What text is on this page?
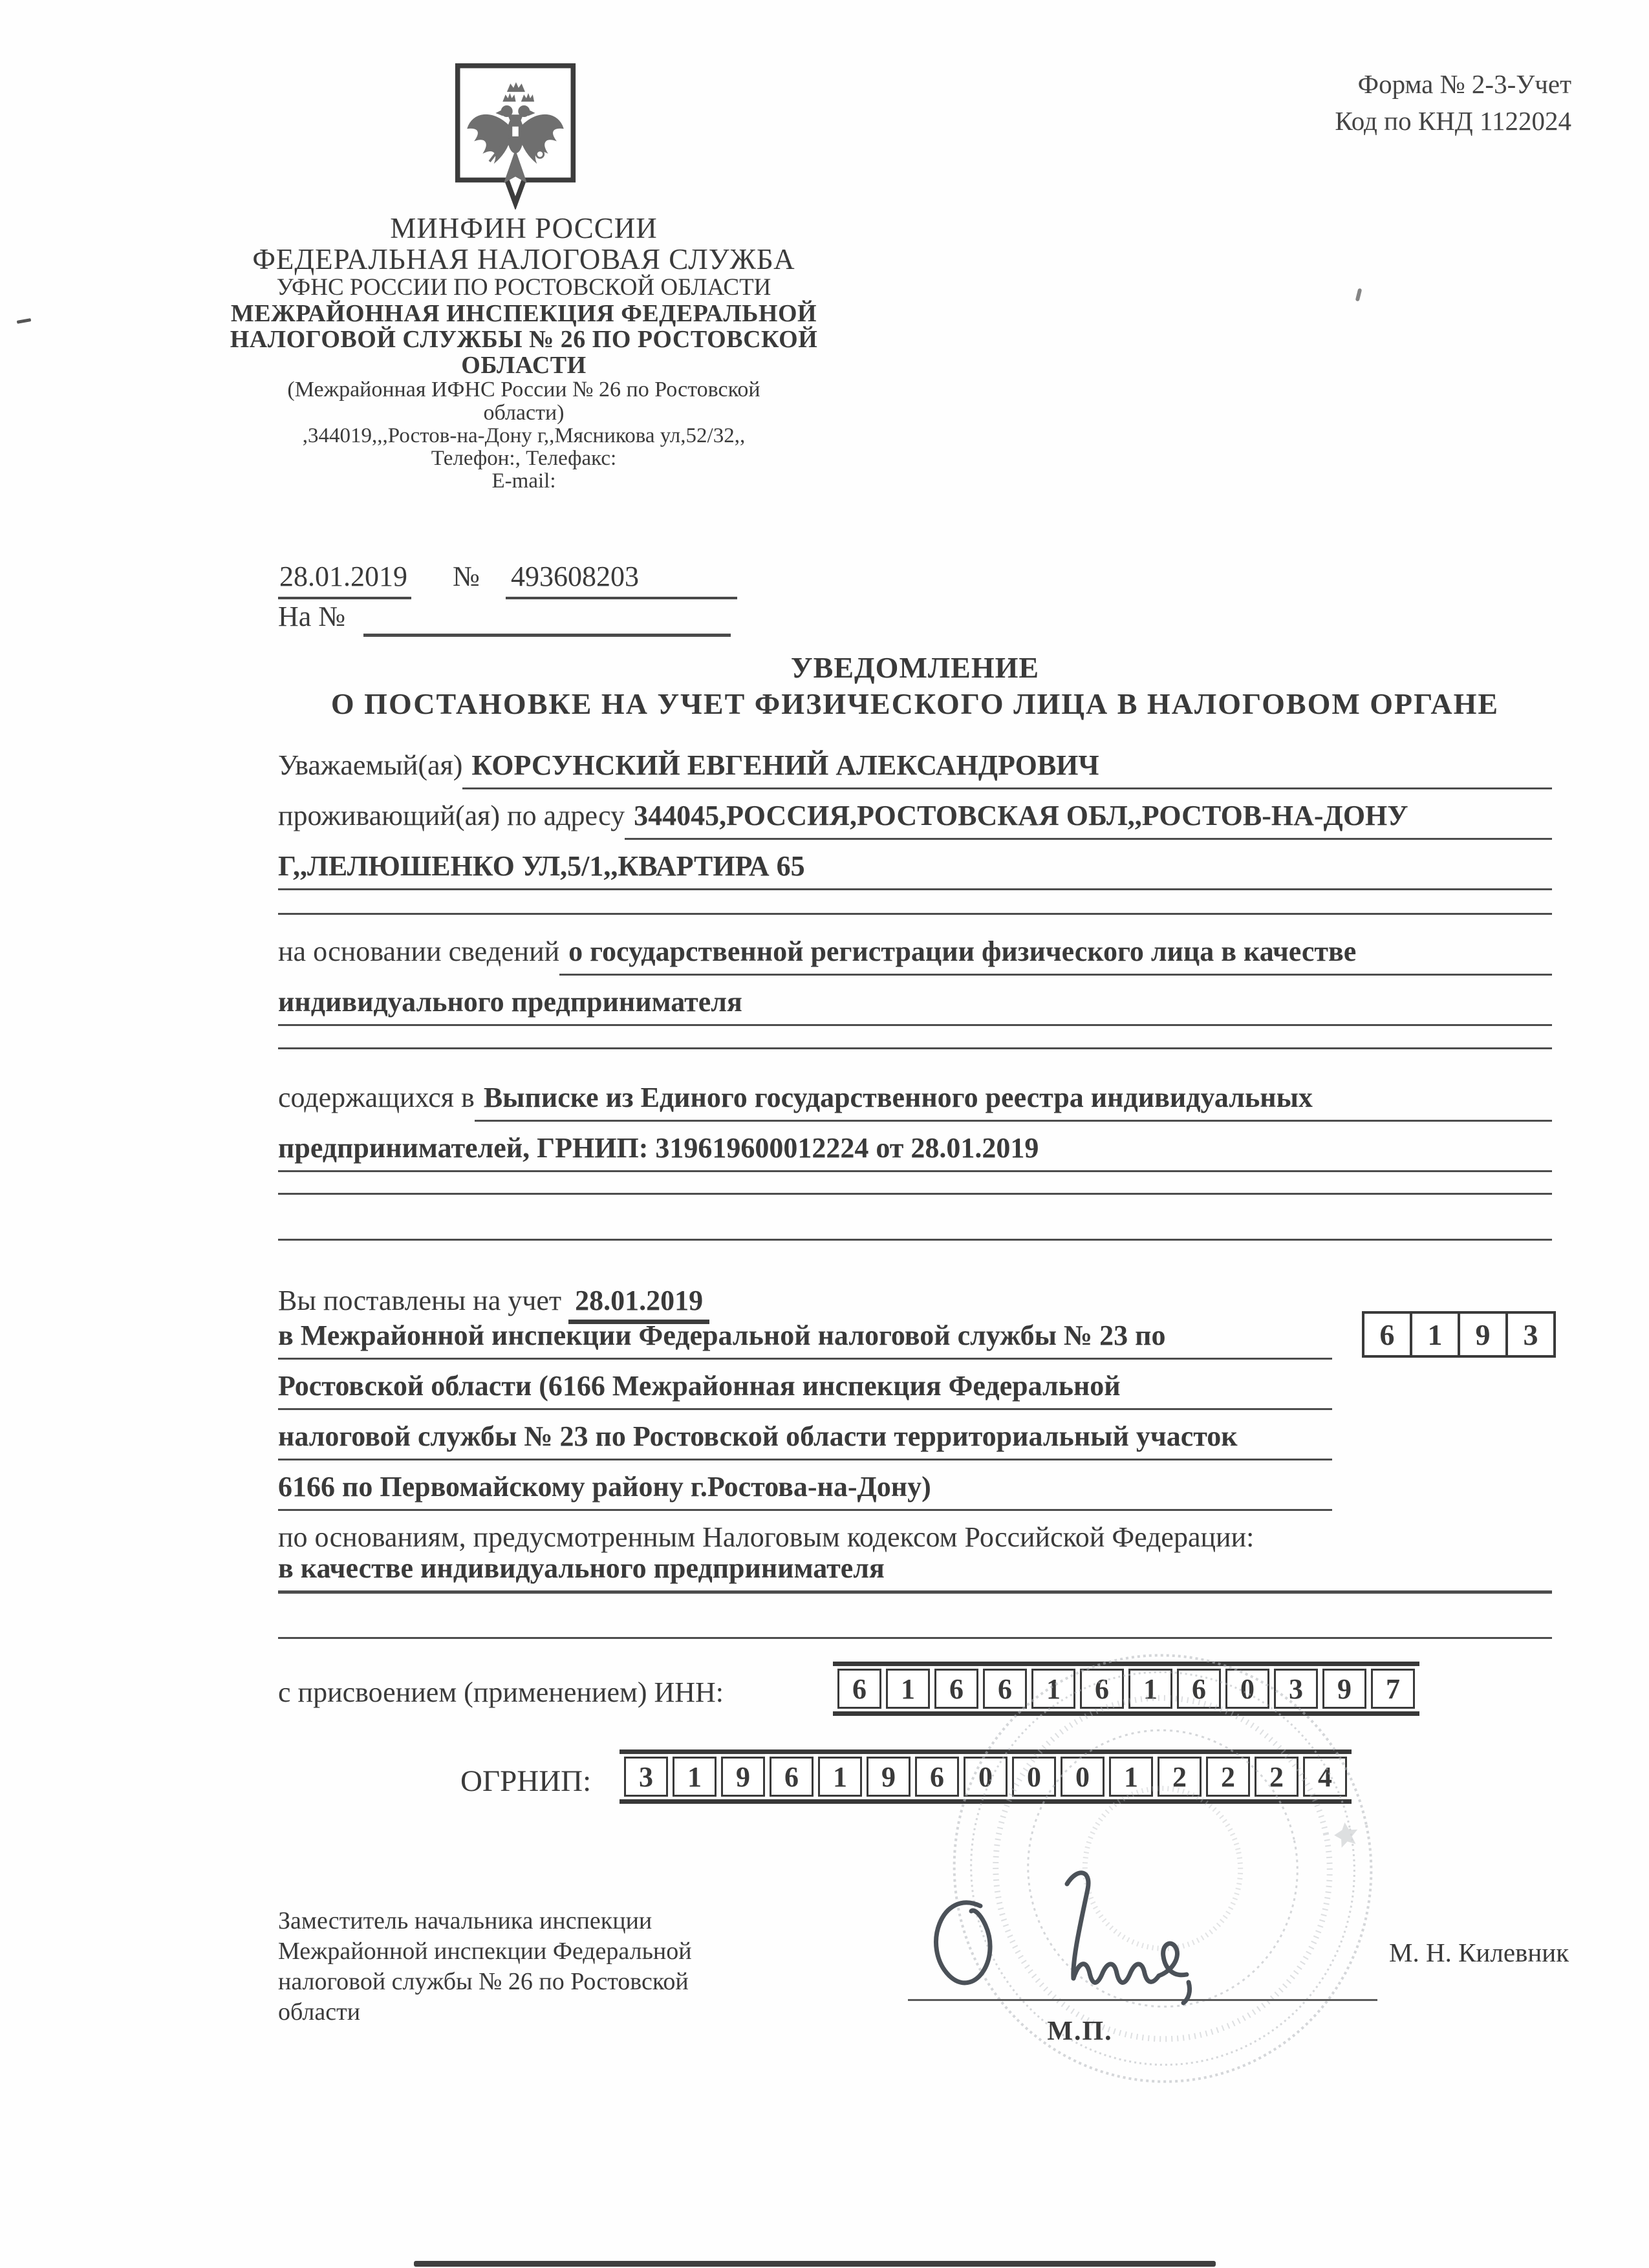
Форма № 2-3-Учет
Код по КНД 1122024
МИНФИН РОССИИ
ФЕДЕРАЛЬНАЯ НАЛОГОВАЯ СЛУЖБА
УФНС РОССИИ ПО РОСТОВСКОЙ ОБЛАСТИ
МЕЖРАЙОННАЯ ИНСПЕКЦИЯ ФЕДЕРАЛЬНОЙ
НАЛОГОВОЙ СЛУЖБЫ № 26 ПО РОСТОВСКОЙ
ОБЛАСТИ
(Межрайонная ИФНС России № 26 по Ростовской
области)
,344019,,,Ростов-на-Дону г,,Мясникова ул,52/32,,
Телефон:, Телефакс:
E-mail:
28.01.2019 № 493608203
На №
УВЕДОМЛЕНИЕ
О ПОСТАНОВКЕ НА УЧЕТ ФИЗИЧЕСКОГО ЛИЦА В НАЛОГОВОМ ОРГАНЕ
Уважаемый(ая) КОРСУНСКИЙ ЕВГЕНИЙ АЛЕКСАНДРОВИЧ
проживающий(ая) по адресу 344045,РОССИЯ,РОСТОВСКАЯ ОБЛ,,РОСТОВ-НА-ДОНУ
Г,,ЛЕЛЮШЕНКО УЛ,5/1,,КВАРТИРА 65
на основании сведений о государственной регистрации физического лица в качестве
индивидуального предпринимателя
содержащихся в Выписке из Единого государственного реестра индивидуальных
предпринимателей, ГРНИП: 319619600012224 от 28.01.2019
Вы поставлены на учет
28.01.2019
в Межрайонной инспекции Федеральной налоговой службы № 23 по
Ростовской области (6166 Межрайонная инспекция Федеральной
налоговой службы № 23 по Ростовской области территориальный участок
6166 по Первомайскому району г.Ростова-на-Дону)
6	1	9	3
по основаниям, предусмотренным Налоговым кодексом Российской Федерации:
в качестве индивидуального предпринимателя
с присвоением (применением) ИНН:	6	1	6	6	1	6	1	6	0	3	9	7
ОГРНИП:	3	1	9	6	1	9	6	0	0	0	1	2	2	2	4
Заместитель начальника инспекции
Межрайонной инспекции Федеральной
налоговой службы № 26 по Ростовской
области
М.П.
М. Н. Килевник
